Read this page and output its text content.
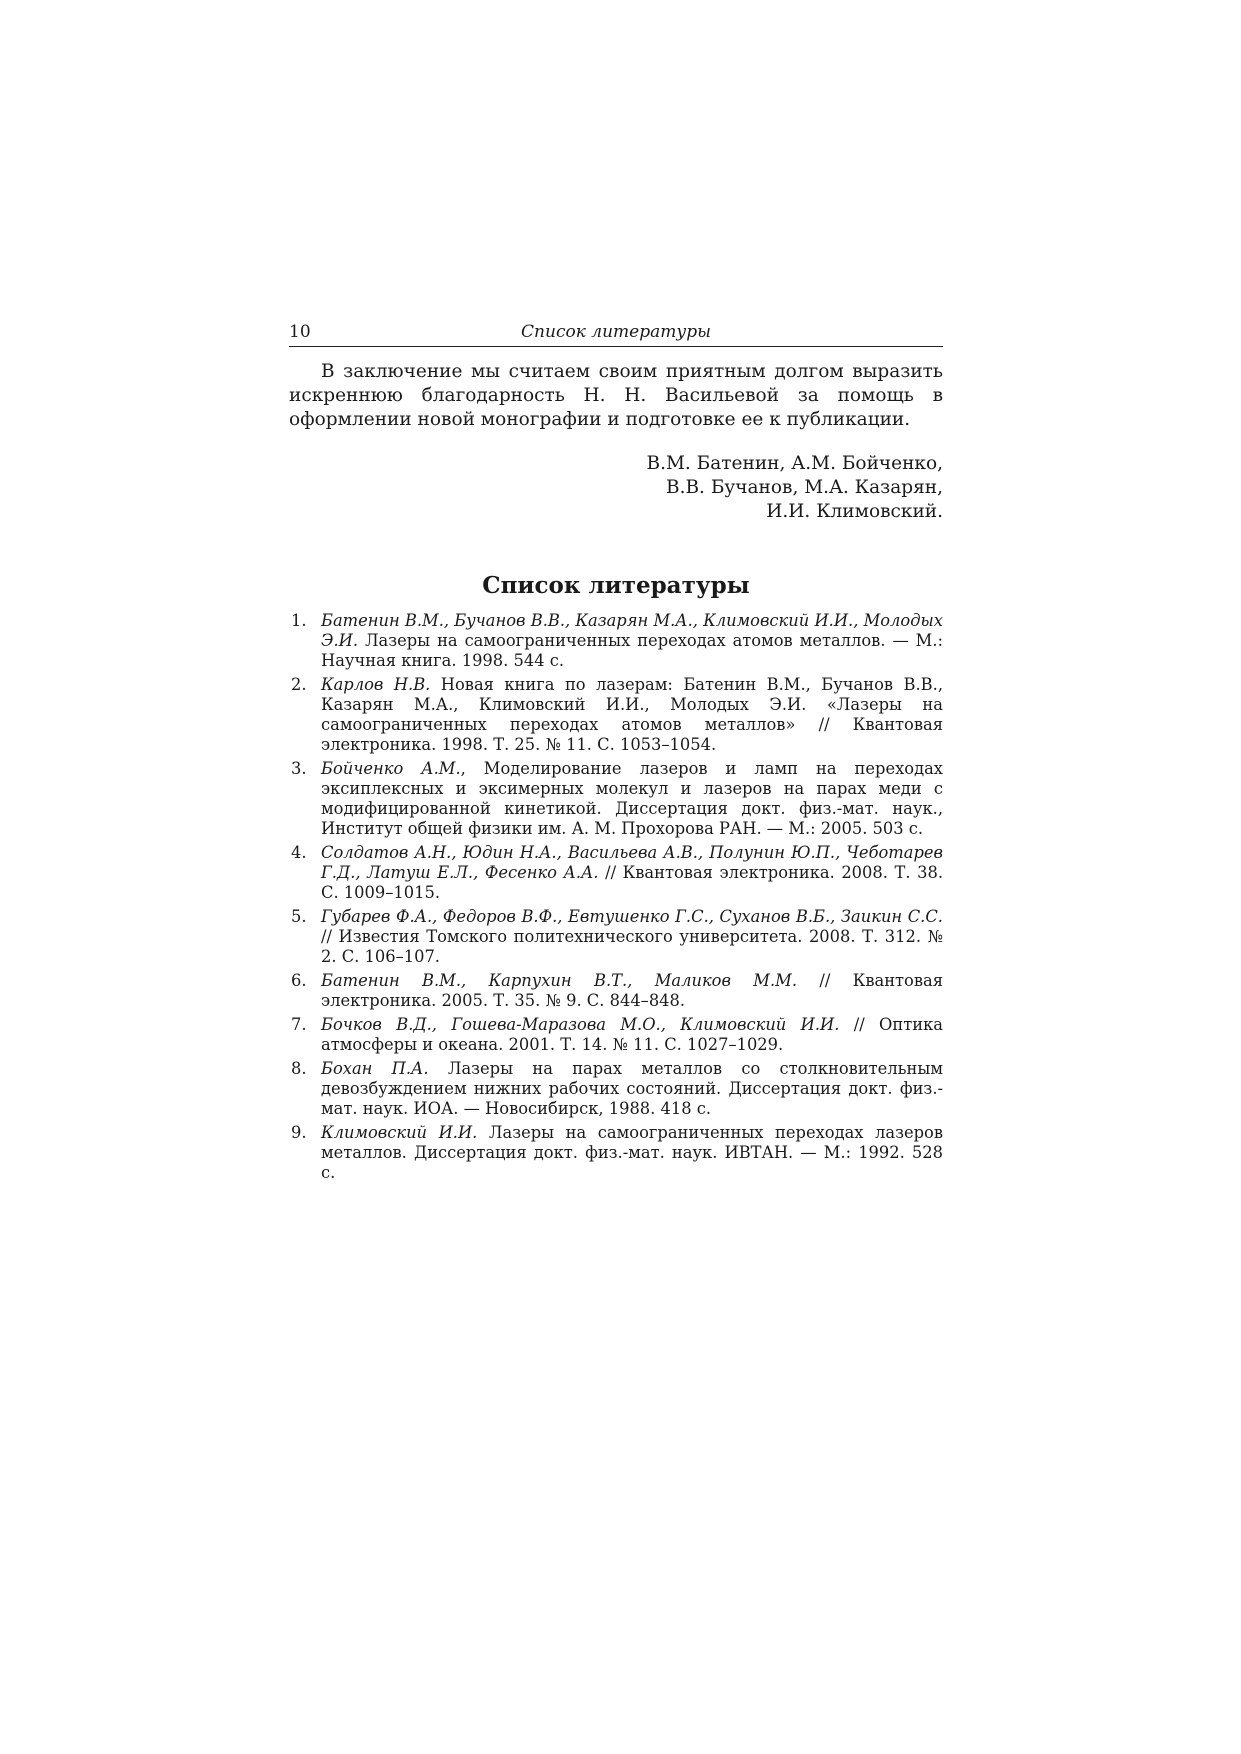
10	Список литературы

В заключение мы считаем своим приятным долгом выразить искреннюю благодарность Н. Н. Васильевой за помощь в оформлении новой монографии и подготовке ее к публикации.

В.М. Батенин, А.М. Бойченко,
В.В. Бучанов, М.А. Казарян,
И.И. Климовский.
Список литературы
1. Батенин В.М., Бучанов В.В., Казарян М.А., Климовский И.И., Молодых Э.И. Лазеры на самоограниченных переходах атомов металлов. — М.: Научная книга. 1998. 544 с.
2. Карлов Н.В. Новая книга по лазерам: Батенин В.М., Бучанов В.В., Казарян М.А., Климовский И.И., Молодых Э.И. «Лазеры на самоограниченных переходах атомов металлов» // Квантовая электроника. 1998. Т. 25. № 11. С. 1053–1054.
3. Бойченко А.М., Моделирование лазеров и ламп на переходах эксиплексных и эксимерных молекул и лазеров на парах меди с модифицированной кинетикой. Диссертация докт. физ.-мат. наук., Институт общей физики им. А. М. Прохорова РАН. — М.: 2005. 503 с.
4. Солдатов А.Н., Юдин Н.А., Васильева А.В., Полунин Ю.П., Чеботарев Г.Д., Латуш Е.Л., Фесенко А.А. // Квантовая электроника. 2008. Т. 38. С. 1009–1015.
5. Губарев Ф.А., Федоров В.Ф., Евтушенко Г.С., Суханов В.Б., Заикин С.С. // Известия Томского политехнического университета. 2008. Т. 312. № 2. С. 106–107.
6. Батенин В.М., Карпухин В.Т., Маликов М.М. // Квантовая электроника. 2005. Т. 35. № 9. С. 844–848.
7. Бочков В.Д., Гошева-Маразова М.О., Климовский И.И. // Оптика атмосферы и океана. 2001. Т. 14. № 11. С. 1027–1029.
8. Бохан П.А. Лазеры на парах металлов со столкновительным девозбуждением нижних рабочих состояний. Диссертация докт. физ.-мат. наук. ИОА. — Новосибирск, 1988. 418 с.
9. Климовский И.И. Лазеры на самоограниченных переходах лазеров металлов. Диссертация докт. физ.-мат. наук. ИВТАН. — М.: 1992. 528 с.
